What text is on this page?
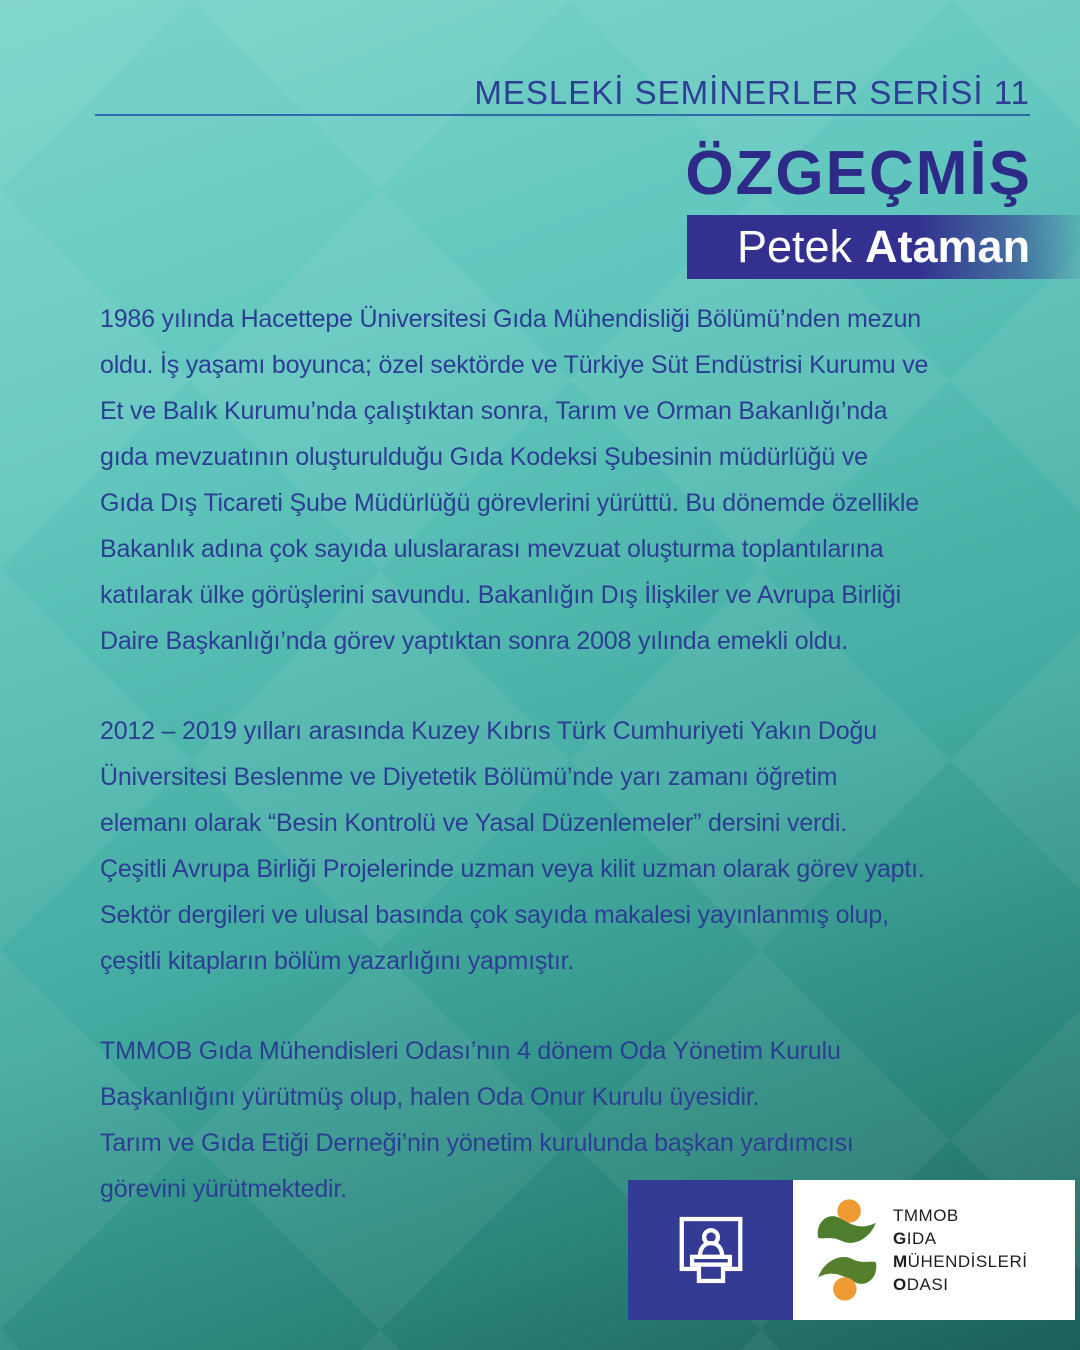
MESLEKİ SEMİNERLER SERİSİ 11
ÖZGEÇMİŞ
Petek Ataman
1986 yılında Hacettepe Üniversitesi Gıda Mühendisliği Bölümü’nden mezun
oldu. İş yaşamı boyunca; özel sektörde ve Türkiye Süt Endüstrisi Kurumu ve
Et ve Balık Kurumu’nda çalıştıktan sonra, Tarım ve Orman Bakanlığı’nda
gıda mevzuatının oluşturulduğu Gıda Kodeksi Şubesinin müdürlüğü ve
Gıda Dış Ticareti Şube Müdürlüğü görevlerini yürüttü. Bu dönemde özellikle
Bakanlık adına çok sayıda uluslararası mevzuat oluşturma toplantılarına
katılarak ülke görüşlerini savundu. Bakanlığın Dış İlişkiler ve Avrupa Birliği
Daire Başkanlığı’nda görev yaptıktan sonra 2008 yılında emekli oldu.
2012 – 2019 yılları arasında Kuzey Kıbrıs Türk Cumhuriyeti Yakın Doğu
Üniversitesi Beslenme ve Diyetetik Bölümü’nde yarı zamanı öğretim
elemanı olarak “Besin Kontrolü ve Yasal Düzenlemeler” dersini verdi.
Çeşitli Avrupa Birliği Projelerinde uzman veya kilit uzman olarak görev yaptı.
Sektör dergileri ve ulusal basında çok sayıda makalesi yayınlanmış olup,
çeşitli kitapların bölüm yazarlığını yapmıştır.
TMMOB Gıda Mühendisleri Odası’nın 4 dönem Oda Yönetim Kurulu
Başkanlığını yürütmüş olup, halen Oda Onur Kurulu üyesidir.
Tarım ve Gıda Etiği Derneği’nin yönetim kurulunda başkan yardımcısı
görevini yürütmektedir.
TMMOB
GIDA
MÜHENDİSLERİ
ODASI
